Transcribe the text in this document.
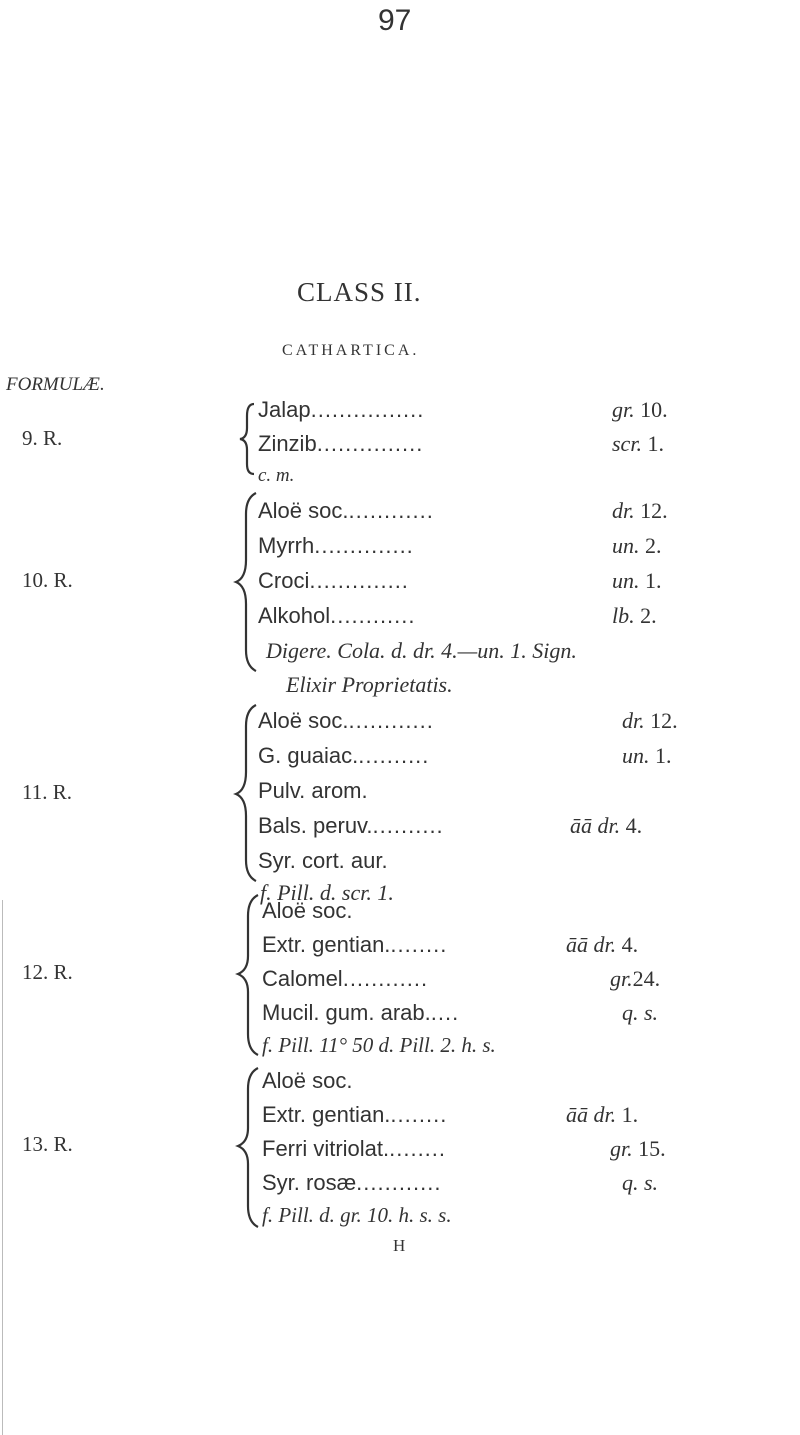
97
CLASS II.
CATHARTICA.
FORMULÆ.
9. R.
Jalap................	gr. 10.
Zinzib...............	scr. 1.
c. m.
10. R.
Aloë soc.............	dr. 12.
Myrrh..............	un. 2.
Croci..............	un. 1.
Alkohol............	lb. 2.
Digere. Cola. d. dr. 4.—un. 1. Sign.
Elixir Proprietatis.
11. R.
Aloë soc.............	dr. 12.
G. guaiac...........	un. 1.
Pulv. arom.
Bals. peruv...........	āā dr. 4.
Syr. cort. aur.
f. Pill. d. scr. 1.
12. R.
Aloë soc.
Extr. gentian.........	āā dr. 4.
Calomel............	gr.24.
Mucil. gum. arab.....	q. s.
f. Pill. 11° 50 d. Pill. 2. h. s.
13. R.
Aloë soc.
Extr. gentian.........	āā dr. 1.
Ferri vitriolat.........	gr. 15.
Syr. rosæ............	q. s.
f. Pill. d. gr. 10. h. s. s.
H
